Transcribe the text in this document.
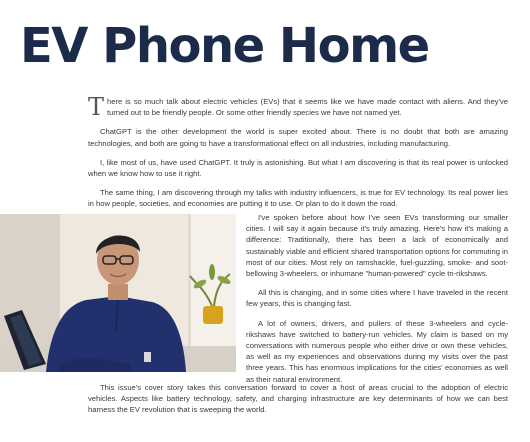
EV Phone Home

There is so much talk about electric vehicles (EVs) that it seems like we have made contact with aliens. And they've turned out to be friendly people. Or some other friendly species we have not named yet.

ChatGPT is the other development the world is super excited about. There is no doubt that both are amazing technologies, and both are going to have a transformational effect on all industries, including manufacturing.

I, like most of us, have used ChatGPT. It truly is astonishing. But what I am discovering is that its real power is unlocked when we know how to use it right.

The same thing, I am discovering through my talks with industry influencers, is true for EV technology. Its real power lies in how people, societies, and economies are putting it to use. Or plan to do it down the road.

I've spoken before about how I've seen EVs transforming our smaller cities. I will say it again because it's truly amazing. Here's how it's making a difference: Traditionally, there has been a lack of economically and sustainably viable and efficient shared transportation options for commuting in most of our cities. Most rely on ramshackle, fuel-guzzling, smoke- and soot-bellowing 3-wheelers, or inhumane "human-powered" cycle tri-rikshaws.

All this is changing, and in some cities where I have traveled in the recent few years, this is changing fast.

A lot of owners, drivers, and pullers of these 3-wheelers and cycle-rikshaws have switched to battery-run vehicles. My claim is based on my conversations with numerous people who either drive or own these vehicles, as well as my experiences and observations during my visits over the past three years. This has enormous implications for the cities' economies as well as their natural environment.

This issue's cover story takes this conversation forward to cover a host of areas crucial to the adoption of electric vehicles. Aspects like battery technology, safety, and charging infrastructure are key determinants of how we can best harness the EV revolution that is sweeping the world.
